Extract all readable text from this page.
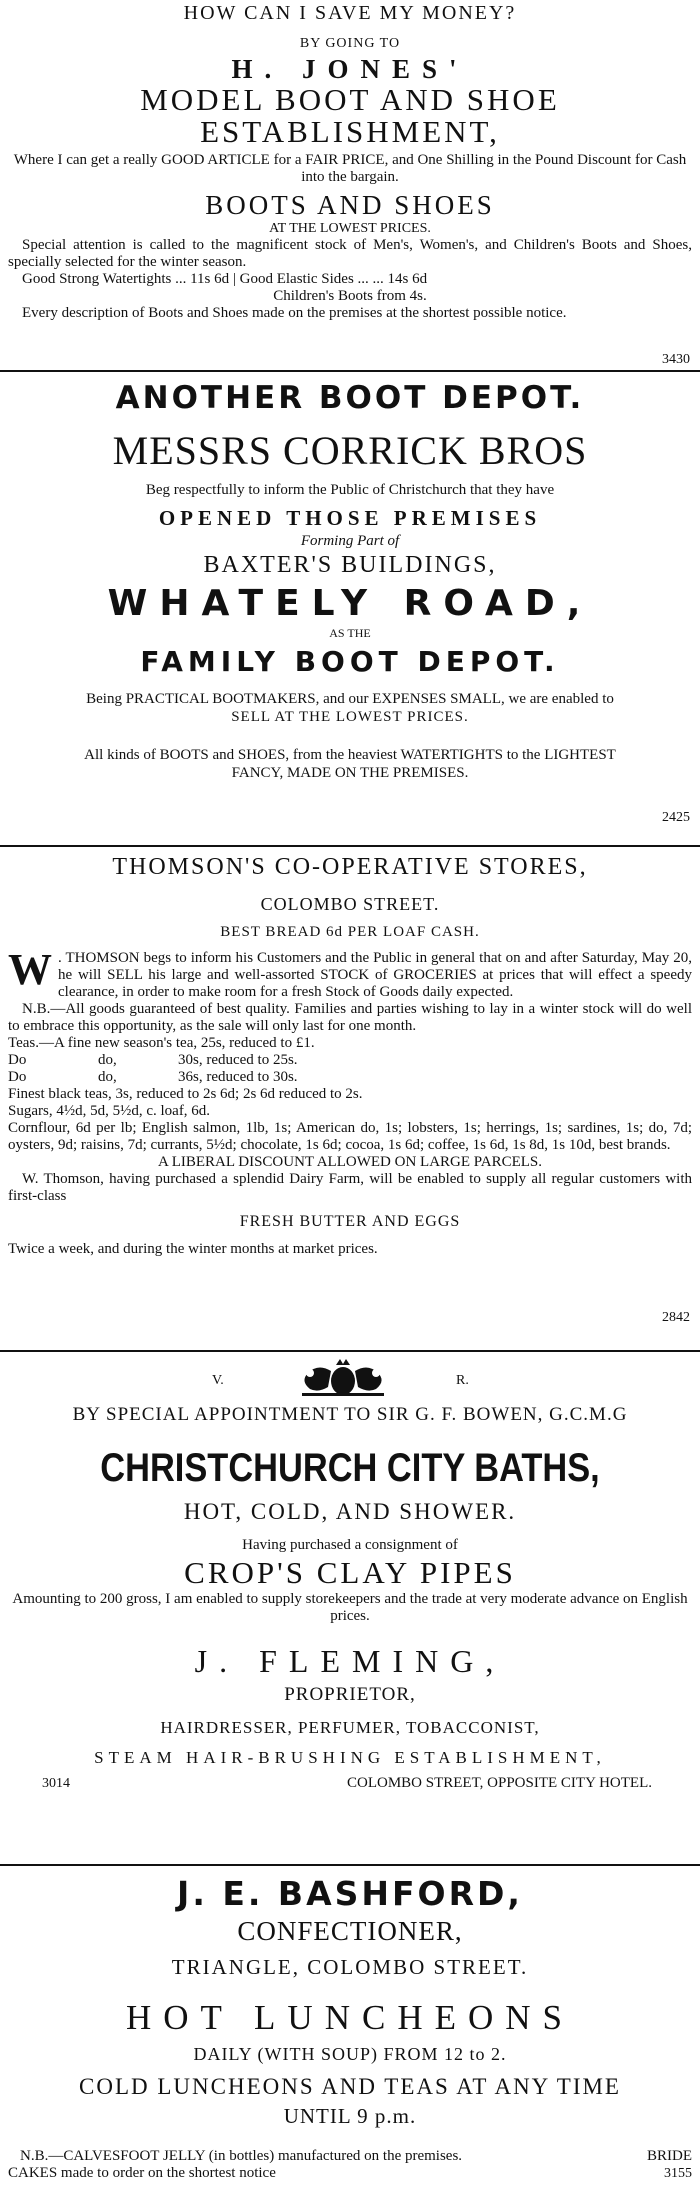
HOW CAN I SAVE MY MONEY?

BY GOING TO

H. JONES'

MODEL BOOT AND SHOE

ESTABLISHMENT,

Where I can get a really GOOD ARTICLE for a FAIR PRICE, and One Shilling in the Pound Discount for Cash into the bargain.

BOOTS AND SHOES

AT THE LOWEST PRICES.

Special attention is called to the magnificent stock of Men's, Women's, and Children's Boots and Shoes, specially selected for the winter season.

Good Strong Watertights ... 11s 6d | Good Elastic Sides ... ... 14s 6d

Children's Boots from 4s.

Every description of Boots and Shoes made on the premises at the shortest possible notice.

3430

ANOTHER BOOT DEPOT.

MESSRS CORRICK BROS

Beg respectfully to inform the Public of Christchurch that they have

OPENED THOSE PREMISES

Forming Part of

BAXTER'S BUILDINGS,

WHATELY ROAD,

AS THE

FAMILY BOOT DEPOT.

Being PRACTICAL BOOTMAKERS, and our EXPENSES SMALL, we are enabled to

SELL AT THE LOWEST PRICES.

All kinds of BOOTS and SHOES, from the heaviest WATERTIGHTS to the LIGHTEST

FANCY, MADE ON THE PREMISES.

2425

THOMSON'S CO-OPERATIVE STORES,

COLOMBO STREET.

BEST BREAD 6d PER LOAF CASH.

W . THOMSON begs to inform his Customers and the Public in general that on and after Saturday, May 20, he will SELL his large and well-assorted STOCK of GROCERIES at prices that will effect a speedy clearance, in order to make room for a fresh Stock of Goods daily expected.

N.B.—All goods guaranteed of best quality. Families and parties wishing to lay in a winter stock will do well to embrace this opportunity, as the sale will only last for one month.

Teas.—A fine new season's tea, 25s, reduced to £1.

Do	do,	30s, reduced to 25s.
Do	do,	36s, reduced to 30s.

Finest black teas, 3s, reduced to 2s 6d; 2s 6d reduced to 2s.

Sugars, 4½d, 5d, 5½d, c. loaf, 6d.

Cornflour, 6d per lb; English salmon, 1lb, 1s; American do, 1s; lobsters, 1s; herrings, 1s; sardines, 1s; do, 7d; oysters, 9d; raisins, 7d; currants, 5½d; chocolate, 1s 6d; cocoa, 1s 6d; coffee, 1s 6d, 1s 8d, 1s 10d, best brands.

A LIBERAL DISCOUNT ALLOWED ON LARGE PARCELS.

W. Thomson, having purchased a splendid Dairy Farm, will be enabled to supply all regular customers with first-class

FRESH BUTTER AND EGGS

Twice a week, and during the winter months at market prices.

2842
V.	R.

BY SPECIAL APPOINTMENT TO SIR G. F. BOWEN, G.C.M.G

CHRISTCHURCH CITY BATHS,

HOT, COLD, AND SHOWER.

Having purchased a consignment of

CROP'S CLAY PIPES

Amounting to 200 gross, I am enabled to supply storekeepers and the trade at very moderate advance on English prices.

J. FLEMING,

PROPRIETOR,

HAIRDRESSER, PERFUMER, TOBACCONIST,

STEAM HAIR-BRUSHING ESTABLISHMENT,

3014	COLOMBO STREET, OPPOSITE CITY HOTEL.

J. E. BASHFORD,

CONFECTIONER,

TRIANGLE, COLOMBO STREET.

HOT LUNCHEONS

DAILY (WITH SOUP) FROM 12 to 2.

COLD LUNCHEONS AND TEAS AT ANY TIME

UNTIL 9 p.m.

N.B.—CALVESFOOT JELLY (in bottles) manufactured on the premises.	BRIDE
CAKES made to order on the shortest notice	3155
